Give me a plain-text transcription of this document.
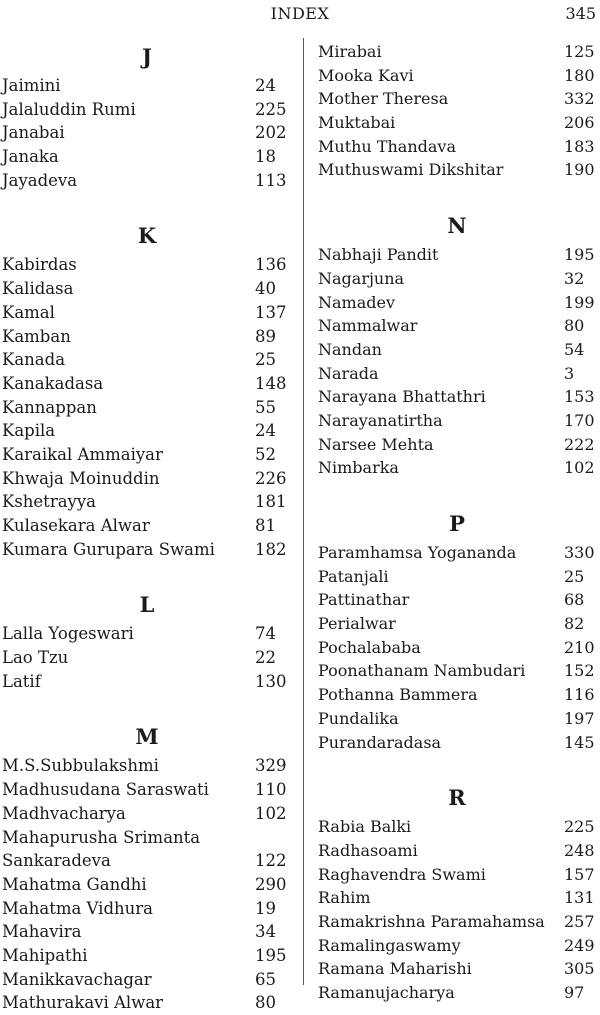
INDEX	345
J
Jaimini	24
Jalaluddin Rumi	225
Janabai	202
Janaka	18
Jayadeva	113
K
Kabirdas	136
Kalidasa	40
Kamal	137
Kamban	89
Kanada	25
Kanakadasa	148
Kannappan	55
Kapila	24
Karaikal Ammaiyar	52
Khwaja Moinuddin	226
Kshetrayya	181
Kulasekara Alwar	81
Kumara Gurupara Swami 182
L
Lalla Yogeswari	74
Lao Tzu	22
Latif	130
M
M.S.Subbulakshmi	329
Madhusudana Saraswati	110
Madhvacharya	102
Mahapurusha Srimanta
Sankaradeva	122
Mahatma Gandhi	290
Mahatma Vidhura	19
Mahavira	34
Mahipathi	195
Manikkavachagar	65
Mathurakavi Alwar	80
Mirabai	125
Mooka Kavi	180
Mother Theresa	332
Muktabai	206
Muthu Thandava	183
Muthuswami Dikshitar	190
N
Nabhaji Pandit	195
Nagarjuna	32
Namadev	199
Nammalwar	80
Nandan	54
Narada	3
Narayana Bhattathri	153
Narayanatirtha	170
Narsee Mehta	222
Nimbarka	102
P
Paramhamsa Yogananda	330
Patanjali	25
Pattinathar	68
Perialwar	82
Pochalababa	210
Poonathanam Nambudari 152
Pothanna Bammera	116
Pundalika	197
Purandaradasa	145
R
Rabia Balki	225
Radhasoami	248
Raghavendra Swami	157
Rahim	131
Ramakrishna Paramahamsa 257
Ramalingaswamy	249
Ramana Maharishi	305
Ramanujacharya	97
